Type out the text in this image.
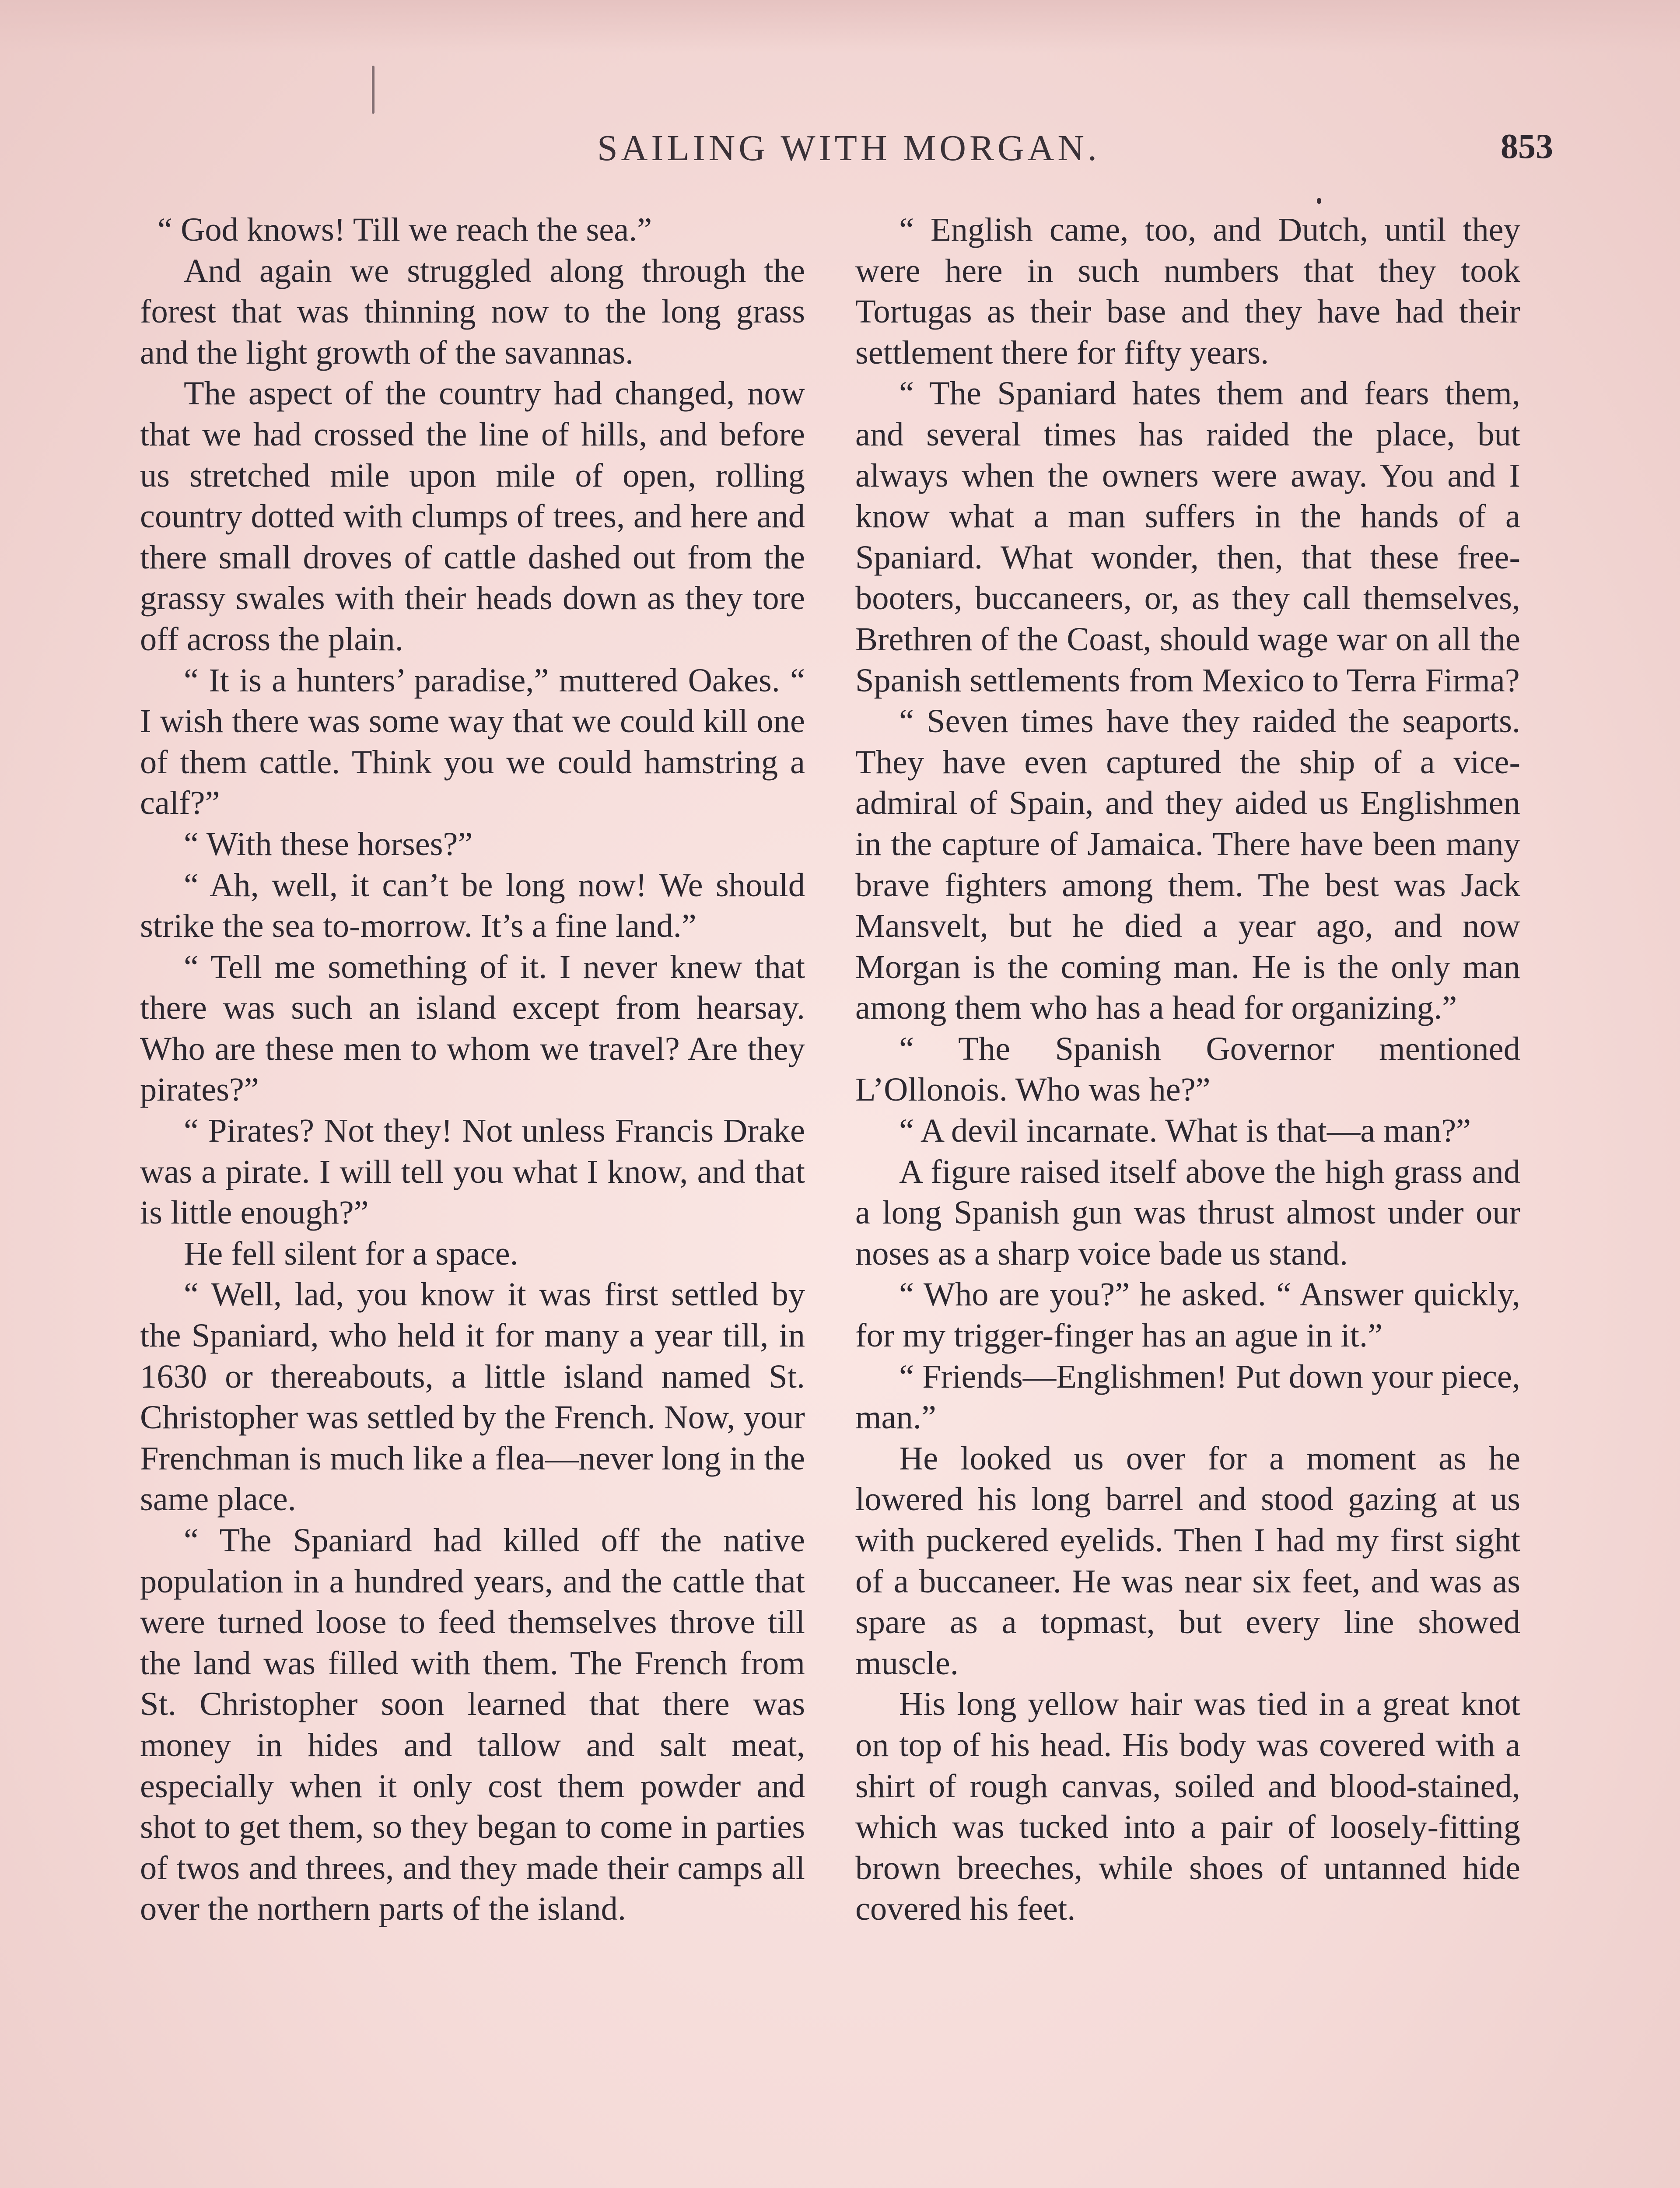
SAILING WITH MORGAN.	853

“ God knows! Till we reach the sea.”

And again we struggled along through the forest that was thinning now to the long grass and the light growth of the savannas.

The aspect of the country had changed, now that we had crossed the line of hills, and before us stretched mile upon mile of open, rolling country dotted with clumps of trees, and here and there small droves of cattle dashed out from the grassy swales with their heads down as they tore off across the plain.

“ It is a hunters’ paradise,” muttered Oakes. “ I wish there was some way that we could kill one of them cattle. Think you we could hamstring a calf?”

“ With these horses?”

“ Ah, well, it can’t be long now! We should strike the sea to-morrow. It’s a fine land.”

“ Tell me something of it. I never knew that there was such an island except from hearsay. Who are these men to whom we travel? Are they pirates?”

“ Pirates? Not they! Not unless Francis Drake was a pirate. I will tell you what I know, and that is little enough?”

He fell silent for a space.

“ Well, lad, you know it was first settled by the Spaniard, who held it for many a year till, in 1630 or thereabouts, a little island named St. Christopher was settled by the French. Now, your Frenchman is much like a flea—never long in the same place.

“ The Spaniard had killed off the native population in a hundred years, and the cattle that were turned loose to feed themselves throve till the land was filled with them. The French from St. Christopher soon learned that there was money in hides and tallow and salt meat, especially when it only cost them powder and shot to get them, so they began to come in parties of twos and threes, and they made their camps all over the northern parts of the island.

“ English came, too, and Dutch, until they were here in such numbers that they took Tortugas as their base and they have had their settlement there for fifty years.

“ The Spaniard hates them and fears them, and several times has raided the place, but always when the owners were away. You and I know what a man suffers in the hands of a Spaniard. What wonder, then, that these freebooters, buccaneers, or, as they call themselves, Brethren of the Coast, should wage war on all the Spanish settlements from Mexico to Terra Firma?

“ Seven times have they raided the seaports. They have even captured the ship of a vice-admiral of Spain, and they aided us Englishmen in the capture of Jamaica. There have been many brave fighters among them. The best was Jack Mansvelt, but he died a year ago, and now Morgan is the coming man. He is the only man among them who has a head for organizing.”

“ The Spanish Governor mentioned L’Ollonois. Who was he?”

“ A devil incarnate. What is that—a man?”

A figure raised itself above the high grass and a long Spanish gun was thrust almost under our noses as a sharp voice bade us stand.

“ Who are you?” he asked. “ Answer quickly, for my trigger-finger has an ague in it.”

“ Friends—Englishmen! Put down your piece, man.”

He looked us over for a moment as he lowered his long barrel and stood gazing at us with puckered eyelids. Then I had my first sight of a buccaneer. He was near six feet, and was as spare as a topmast, but every line showed muscle.

His long yellow hair was tied in a great knot on top of his head. His body was covered with a shirt of rough canvas, soiled and blood-stained, which was tucked into a pair of loosely-fitting brown breeches, while shoes of untanned hide covered his feet.
